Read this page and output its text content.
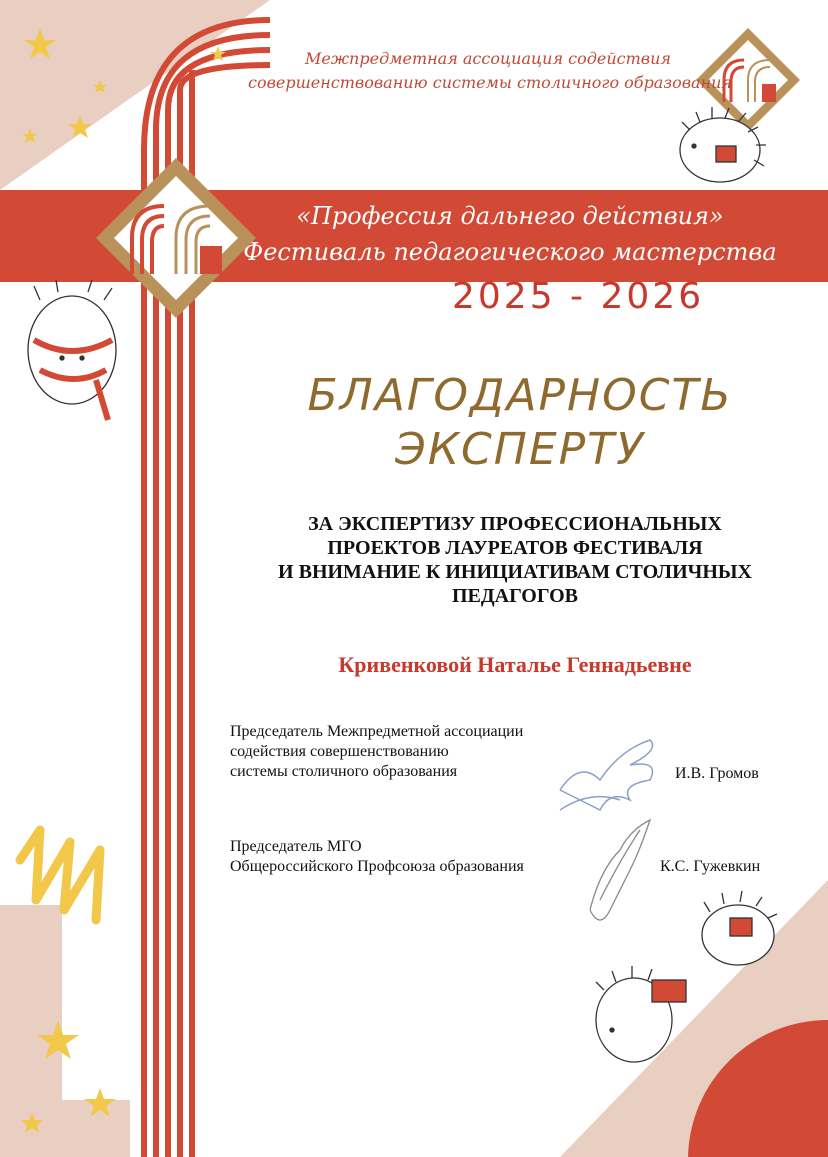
Межпредметная ассоциация содействия
совершенствованию системы столичного образования
«Профессия дальнего действия»
Фестиваль педагогического мастерства
2025 - 2026
БЛАГОДАРНОСТЬ
ЭКСПЕРТУ
ЗА ЭКСПЕРТИЗУ ПРОФЕССИОНАЛЬНЫХ
ПРОЕКТОВ ЛАУРЕАТОВ ФЕСТИВАЛЯ
И ВНИМАНИЕ К ИНИЦИАТИВАМ СТОЛИЧНЫХ
ПЕДАГОГОВ
Кривенковой Наталье Геннадьевне
Председатель Межпредметной ассоциации
содействия совершенствованию
системы столичного образования	И.В. Громов
Председатель МГО
Общероссийского Профсоюза образования	К.С. Гужевкин
